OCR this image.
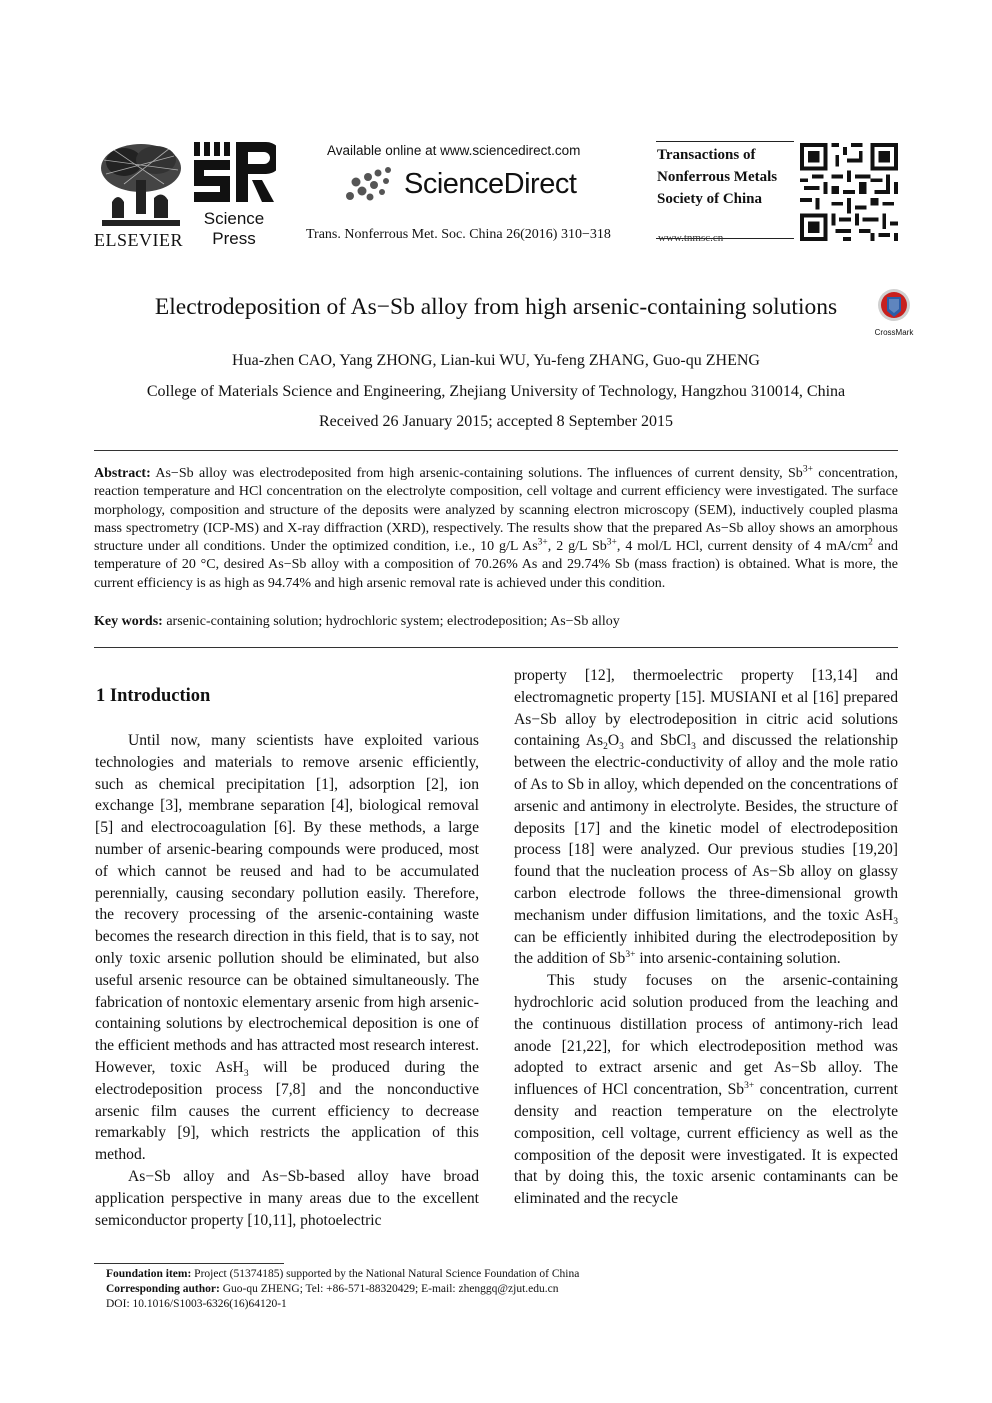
ELSEVIER
Science
Press
Available online at www.sciencedirect.com
ScienceDirect
Trans. Nonferrous Met. Soc. China 26(2016) 310−318
Transactions of
Nonferrous Metals
Society of China
www.tnmsc.cn
Electrodeposition of As−Sb alloy from high arsenic-containing solutions
CrossMark
Hua-zhen CAO, Yang ZHONG, Lian-kui WU, Yu-feng ZHANG, Guo-qu ZHENG
College of Materials Science and Engineering, Zhejiang University of Technology, Hangzhou 310014, China
Received 26 January 2015; accepted 8 September 2015
Abstract: As−Sb alloy was electrodeposited from high arsenic-containing solutions. The influences of current density, $Sb^{3+}$ concentration, reaction temperature and HCl concentration on the electrolyte composition, cell voltage and current efficiency were investigated. The surface morphology, composition and structure of the deposits were analyzed by scanning electron microscopy (SEM), inductively coupled plasma mass spectrometry (ICP-MS) and X-ray diffraction (XRD), respectively. The results show that the prepared As−Sb alloy shows an amorphous structure under all conditions. Under the optimized condition, i.e., 10 g/L $As^{3+}$, 2 g/L $Sb^{3+}$, 4 mol/L HCl, current density of 4 $mA/cm^2$ and temperature of 20 °C, desired As−Sb alloy with a composition of 70.26% As and 29.74% Sb (mass fraction) is obtained. What is more, the current efficiency is as high as 94.74% and high arsenic removal rate is achieved under this condition.
Key words: arsenic-containing solution; hydrochloric system; electrodeposition; As−Sb alloy
1 Introduction

Until now, many scientists have exploited various technologies and materials to remove arsenic efficiently, such as chemical precipitation [1], adsorption [2], ion exchange [3], membrane separation [4], biological removal [5] and electrocoagulation [6]. By these methods, a large number of arsenic-bearing compounds were produced, most of which cannot be reused and had to be accumulated perennially, causing secondary pollution easily. Therefore, the recovery processing of the arsenic-containing waste becomes the research direction in this field, that is to say, not only toxic arsenic pollution should be eliminated, but also useful arsenic resource can be obtained simultaneously. The fabrication of nontoxic elementary arsenic from high arsenic-containing solutions by electrochemical deposition is one of the efficient methods and has attracted most research interest. However, toxic AsH$_3$ will be produced during the electrodeposition process [7,8] and the nonconductive arsenic film causes the current efficiency to decrease remarkably [9], which restricts the application of this method.

As−Sb alloy and As−Sb-based alloy have broad application perspective in many areas due to the excellent semiconductor property [10,11], photoelectric

property [12], thermoelectric property [13,14] and electromagnetic property [15]. MUSIANI et al [16] prepared As−Sb alloy by electrodeposition in citric acid solutions containing $As_2O_3$ and SbCl$_3$ and discussed the relationship between the electric-conductivity of alloy and the mole ratio of As to Sb in alloy, which depended on the concentrations of arsenic and antimony in electrolyte. Besides, the structure of deposits [17] and the kinetic model of electrodeposition process [18] were analyzed. Our previous studies [19,20] found that the nucleation process of As−Sb alloy on glassy carbon electrode follows the three-dimensional growth mechanism under diffusion limitations, and the toxic AsH$_3$ can be efficiently inhibited during the electrodeposition by the addition of $Sb^{3+}$ into arsenic-containing solution.

This study focuses on the arsenic-containing hydrochloric acid solution produced from the leaching and the continuous distillation process of antimony-rich lead anode [21,22], for which electrodeposition method was adopted to extract arsenic and get As−Sb alloy. The influences of HCl concentration, $Sb^{3+}$ concentration, current density and reaction temperature on the electrolyte composition, cell voltage, current efficiency as well as the composition of the deposit were investigated. It is expected that by doing this, the toxic arsenic contaminants can be eliminated and the recycle

Foundation item: Project (51374185) supported by the National Natural Science Foundation of China
Corresponding author: Guo-qu ZHENG; Tel: +86-571-88320429; E-mail: zhenggq@zjut.edu.cn
DOI: 10.1016/S1003-6326(16)64120-1
